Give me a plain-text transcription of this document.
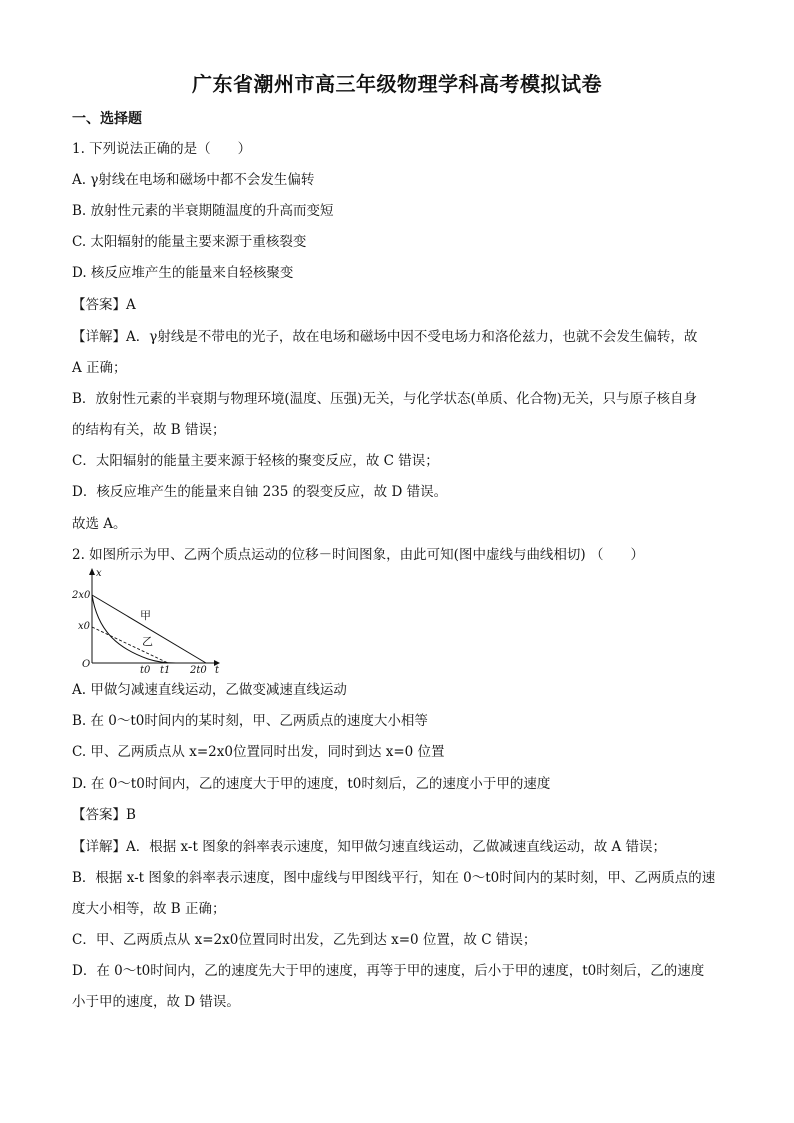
广东省潮州市高三年级物理学科高考模拟试卷
一、选择题
1. 下列说法正确的是（　　）
A. γ射线在电场和磁场中都不会发生偏转
B. 放射性元素的半衰期随温度的升高而变短
C. 太阳辐射的能量主要来源于重核裂变
D. 核反应堆产生的能量来自轻核聚变
【答案】A
【详解】A．γ射线是不带电的光子，故在电场和磁场中因不受电场力和洛伦兹力，也就不会发生偏转，故
A 正确；
B．放射性元素的半衰期与物理环境(温度、压强)无关，与化学状态(单质、化合物)无关，只与原子核自身
的结构有关，故 B 错误；
C．太阳辐射的能量主要来源于轻核的聚变反应，故 C 错误；
D．核反应堆产生的能量来自铀 235 的裂变反应，故 D 错误。
故选 A。
2. 如图所示为甲、乙两个质点运动的位移－时间图象，由此可知(图中虚线与曲线相切) （　　）
x
2x0
x0
O
t0 t1 2t0 t
甲
乙
A. 甲做匀减速直线运动，乙做变减速直线运动
B. 在 0～t0时间内的某时刻，甲、乙两质点的速度大小相等
C. 甲、乙两质点从 x=2x0位置同时出发，同时到达 x=0 位置
D. 在 0～t0时间内，乙的速度大于甲的速度，t0时刻后，乙的速度小于甲的速度
【答案】B
【详解】A．根据 x-t 图象的斜率表示速度，知甲做匀速直线运动，乙做减速直线运动，故 A 错误；
B．根据 x-t 图象的斜率表示速度，图中虚线与甲图线平行，知在 0～t0时间内的某时刻，甲、乙两质点的速
度大小相等，故 B 正确；
C．甲、乙两质点从 x=2x0位置同时出发，乙先到达 x=0 位置，故 C 错误；
D．在 0～t0时间内，乙的速度先大于甲的速度，再等于甲的速度，后小于甲的速度，t0时刻后，乙的速度
小于甲的速度，故 D 错误。
